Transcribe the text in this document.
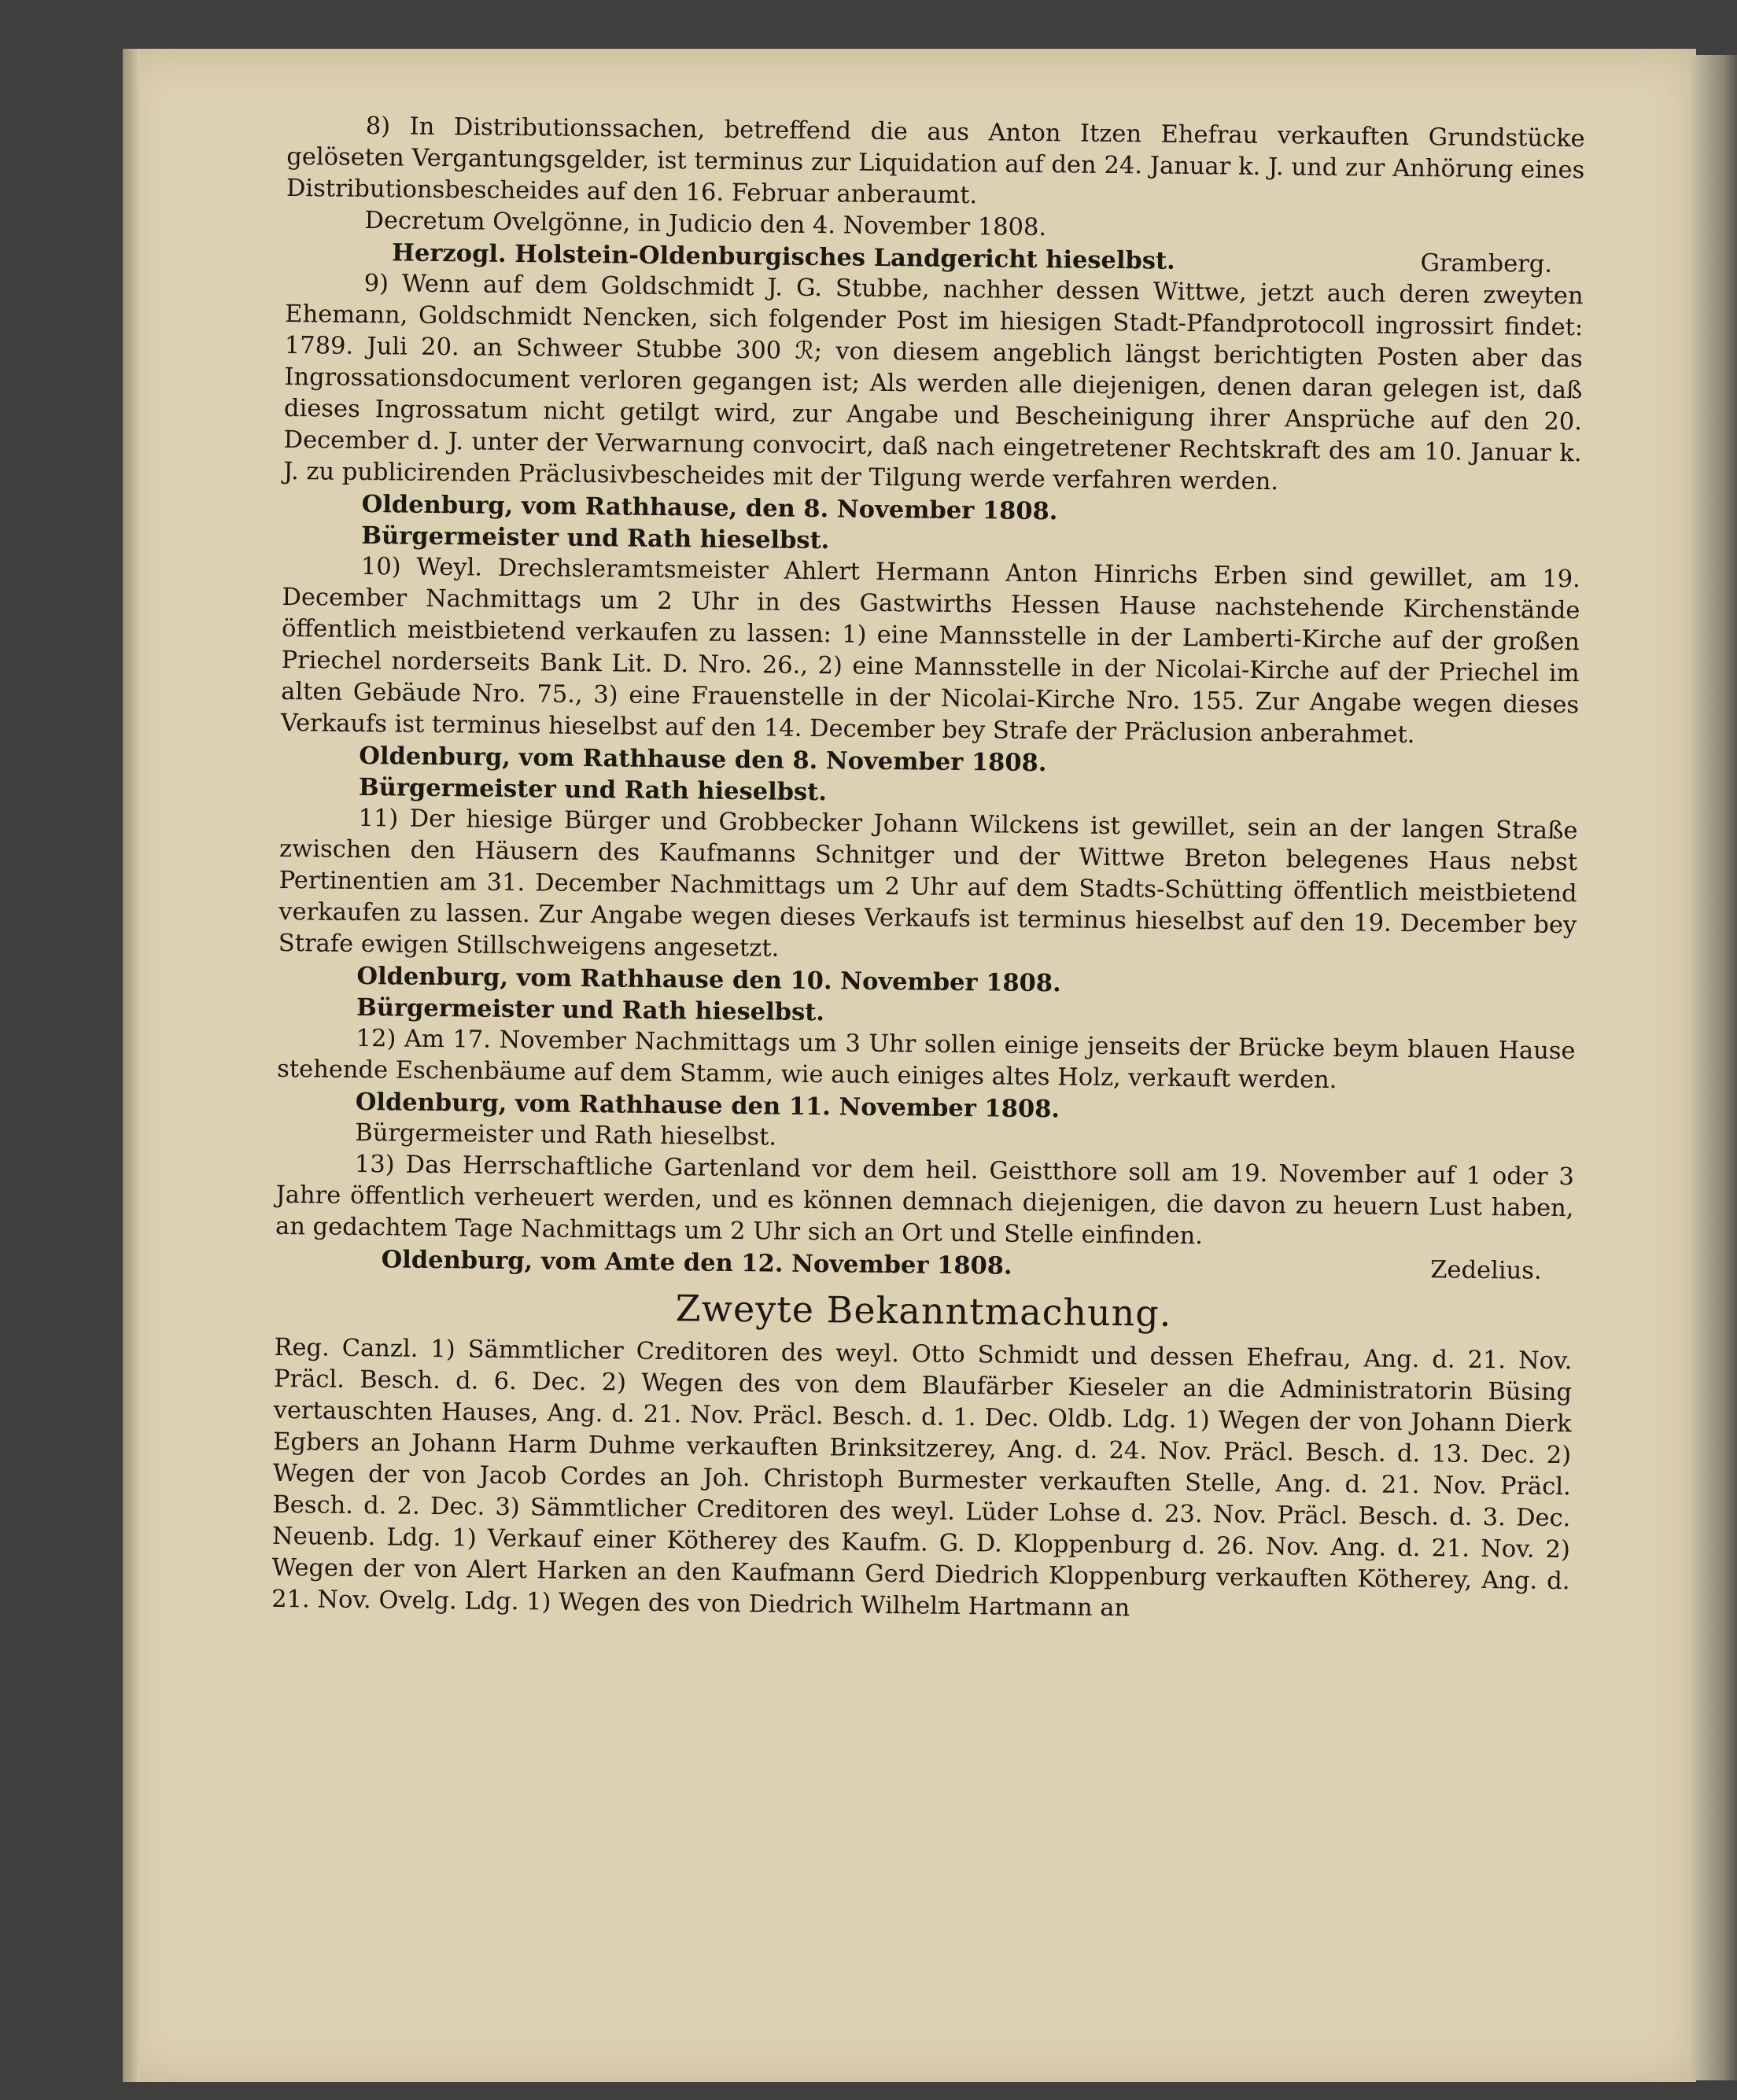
8) In Distributionssachen, betreffend die aus Anton Itzen Ehefrau verkauften Grundstücke gelöseten Vergantungsgelder, ist terminus zur Liquidation auf den 24. Januar k. J. und zur Anhörung eines Distributionsbescheides auf den 16. Februar anberaumt.

Decretum Ovelgönne, in Judicio den 4. November 1808.

Herzogl. Holstein-Oldenburgisches Landgericht hieselbst.	Gramberg.

9) Wenn auf dem Goldschmidt J. G. Stubbe, nachher dessen Wittwe, jetzt auch deren zweyten Ehemann, Goldschmidt Nencken, sich folgender Post im hiesigen Stadt-Pfandprotocoll ingrossirt findet: 1789. Juli 20. an Schweer Stubbe 300 ℛ; von diesem angeblich längst berichtigten Posten aber das Ingrossationsdocument verloren gegangen ist; Als werden alle diejenigen, denen daran gelegen ist, daß dieses Ingrossatum nicht getilgt wird, zur Angabe und Bescheinigung ihrer Ansprüche auf den 20. December d. J. unter der Verwarnung convocirt, daß nach eingetretener Rechtskraft des am 10. Januar k. J. zu publicirenden Präclusivbescheides mit der Tilgung werde verfahren werden.

Oldenburg, vom Rathhause, den 8. November 1808.

Bürgermeister und Rath hieselbst.

10) Weyl. Drechsleramtsmeister Ahlert Hermann Anton Hinrichs Erben sind gewillet, am 19. December Nachmittags um 2 Uhr in des Gastwirths Hessen Hause nachstehende Kirchenstände öffentlich meistbietend verkaufen zu lassen: 1) eine Mannsstelle in der Lamberti-Kirche auf der großen Priechel norderseits Bank Lit. D. Nro. 26., 2) eine Mannsstelle in der Nicolai-Kirche auf der Priechel im alten Gebäude Nro. 75., 3) eine Frauenstelle in der Nicolai-Kirche Nro. 155. Zur Angabe wegen dieses Verkaufs ist terminus hieselbst auf den 14. December bey Strafe der Präclusion anberahmet.

Oldenburg, vom Rathhause den 8. November 1808.

Bürgermeister und Rath hieselbst.

11) Der hiesige Bürger und Grobbecker Johann Wilckens ist gewillet, sein an der langen Straße zwischen den Häusern des Kaufmanns Schnitger und der Wittwe Breton belegenes Haus nebst Pertinentien am 31. December Nachmittags um 2 Uhr auf dem Stadts-Schütting öffentlich meistbietend verkaufen zu lassen. Zur Angabe wegen dieses Verkaufs ist terminus hieselbst auf den 19. December bey Strafe ewigen Stillschweigens angesetzt.

Oldenburg, vom Rathhause den 10. November 1808.

Bürgermeister und Rath hieselbst.

12) Am 17. November Nachmittags um 3 Uhr sollen einige jenseits der Brücke beym blauen Hause stehende Eschenbäume auf dem Stamm, wie auch einiges altes Holz, verkauft werden.

Oldenburg, vom Rathhause den 11. November 1808.

Bürgermeister und Rath hieselbst.

13) Das Herrschaftliche Gartenland vor dem heil. Geistthore soll am 19. November auf 1 oder 3 Jahre öffentlich verheuert werden, und es können demnach diejenigen, die davon zu heuern Lust haben, an gedachtem Tage Nachmittags um 2 Uhr sich an Ort und Stelle einfinden.

Oldenburg, vom Amte den 12. November 1808.	Zedelius.
Zweyte Bekanntmachung.

Reg. Canzl. 1) Sämmtlicher Creditoren des weyl. Otto Schmidt und dessen Ehefrau, Ang. d. 21. Nov. Präcl. Besch. d. 6. Dec. 2) Wegen des von dem Blaufärber Kieseler an die Administratorin Büsing vertauschten Hauses, Ang. d. 21. Nov. Präcl. Besch. d. 1. Dec. Oldb. Ldg. 1) Wegen der von Johann Dierk Egbers an Johann Harm Duhme verkauften Brinksitzerey, Ang. d. 24. Nov. Präcl. Besch. d. 13. Dec. 2) Wegen der von Jacob Cordes an Joh. Christoph Burmester verkauften Stelle, Ang. d. 21. Nov. Präcl. Besch. d. 2. Dec. 3) Sämmtlicher Creditoren des weyl. Lüder Lohse d. 23. Nov. Präcl. Besch. d. 3. Dec. Neuenb. Ldg. 1) Verkauf einer Kötherey des Kaufm. G. D. Kloppenburg d. 26. Nov. Ang. d. 21. Nov. 2) Wegen der von Alert Harken an den Kaufmann Gerd Diedrich Kloppenburg verkauften Kötherey, Ang. d. 21. Nov. Ovelg. Ldg. 1) Wegen des von Diedrich Wilhelm Hartmann an
